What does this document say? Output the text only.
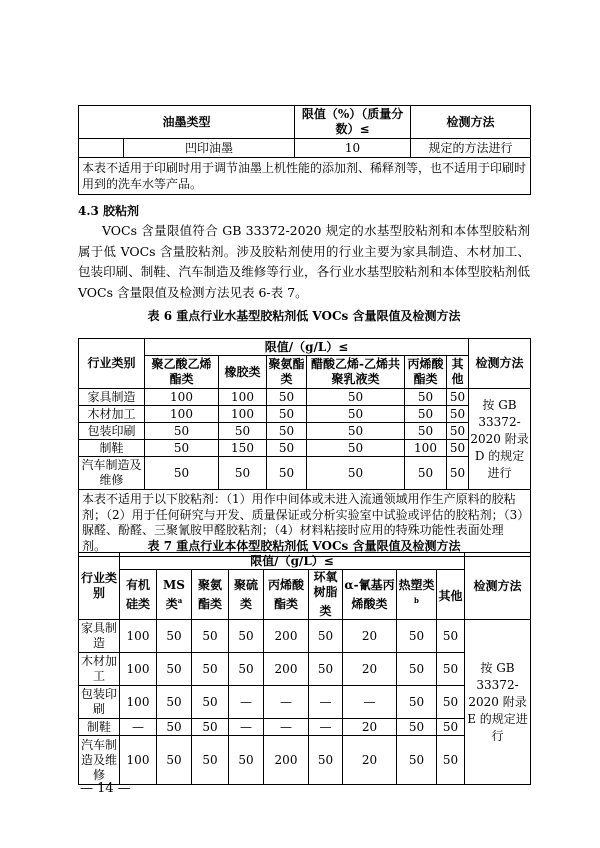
油墨类型		限值（%）（质量分数）≤	检测方法
	凹印油墨	10	规定的方法进行
本表不适用于印刷时用于调节油墨上机性能的添加剂、稀释剂等，也不适用于印刷时用到的洗车水等产品。			
4.3 胶粘剂
VOCs 含量限值符合 GB 33372-2020 规定的水基型胶粘剂和本体型胶粘剂属于低 VOCs 含量胶粘剂。涉及胶粘剂使用的行业主要为家具制造、木材加工、包装印刷、制鞋、汽车制造及维修等行业，各行业水基型胶粘剂和本体型胶粘剂低 VOCs 含量限值及检测方法见表 6-表 7。
表 6 重点行业水基型胶粘剂低 VOCs 含量限值及检测方法
行业类别	限值/（g/L）≤						检测方法
	聚乙酸乙烯酯类	橡胶类	聚氨酯类	醋酸乙烯-乙烯共聚乳液类	丙烯酸酯类	其他	
家具制造	100	100	50	50	50	50	按 GB 33372-2020 附录 D 的规定进行
木材加工	100	100	50	50	50	50	
包装印刷	50	50	50	50	50	50	
制鞋	50	150	50	50	100	50	
汽车制造及维修	50	50	50	50	50	50	
本表不适用于以下胶粘剂：（1）用作中间体或未进入流通领域用作生产原料的胶粘剂；（2）用于任何研究与开发、质量保证或分析实验室中试验或评估的胶粘剂；（3）脲醛、酚醛、三聚氰胺甲醛胶粘剂；（4）材料粘接时应用的特殊功能性表面处理剂。								表 7 重点行业本体型胶粘剂低 VOCs 含量限值及检测方法
行业类别	限值/（g/L）≤									检测方法
	有机硅类	MS 类$^a$	聚氨酯类	聚硫类	丙烯酸酯类	环氧树脂类	α-氰基丙烯酸类	热塑类$^b$	其他	
家具制造	100	50	50	50	200	50	20	50	50	按 GB 33372-2020 附录 E 的规定进行
木材加工	100	50	50	50	200	50	20	50	50	
包装印刷	100	50	50	—	—	—	—	50	50	
制鞋	—	50	50	—	—	—	20	50	50	
汽车制造及维修	100	50	50	50	200	50	20	50	50	
— 14 —
